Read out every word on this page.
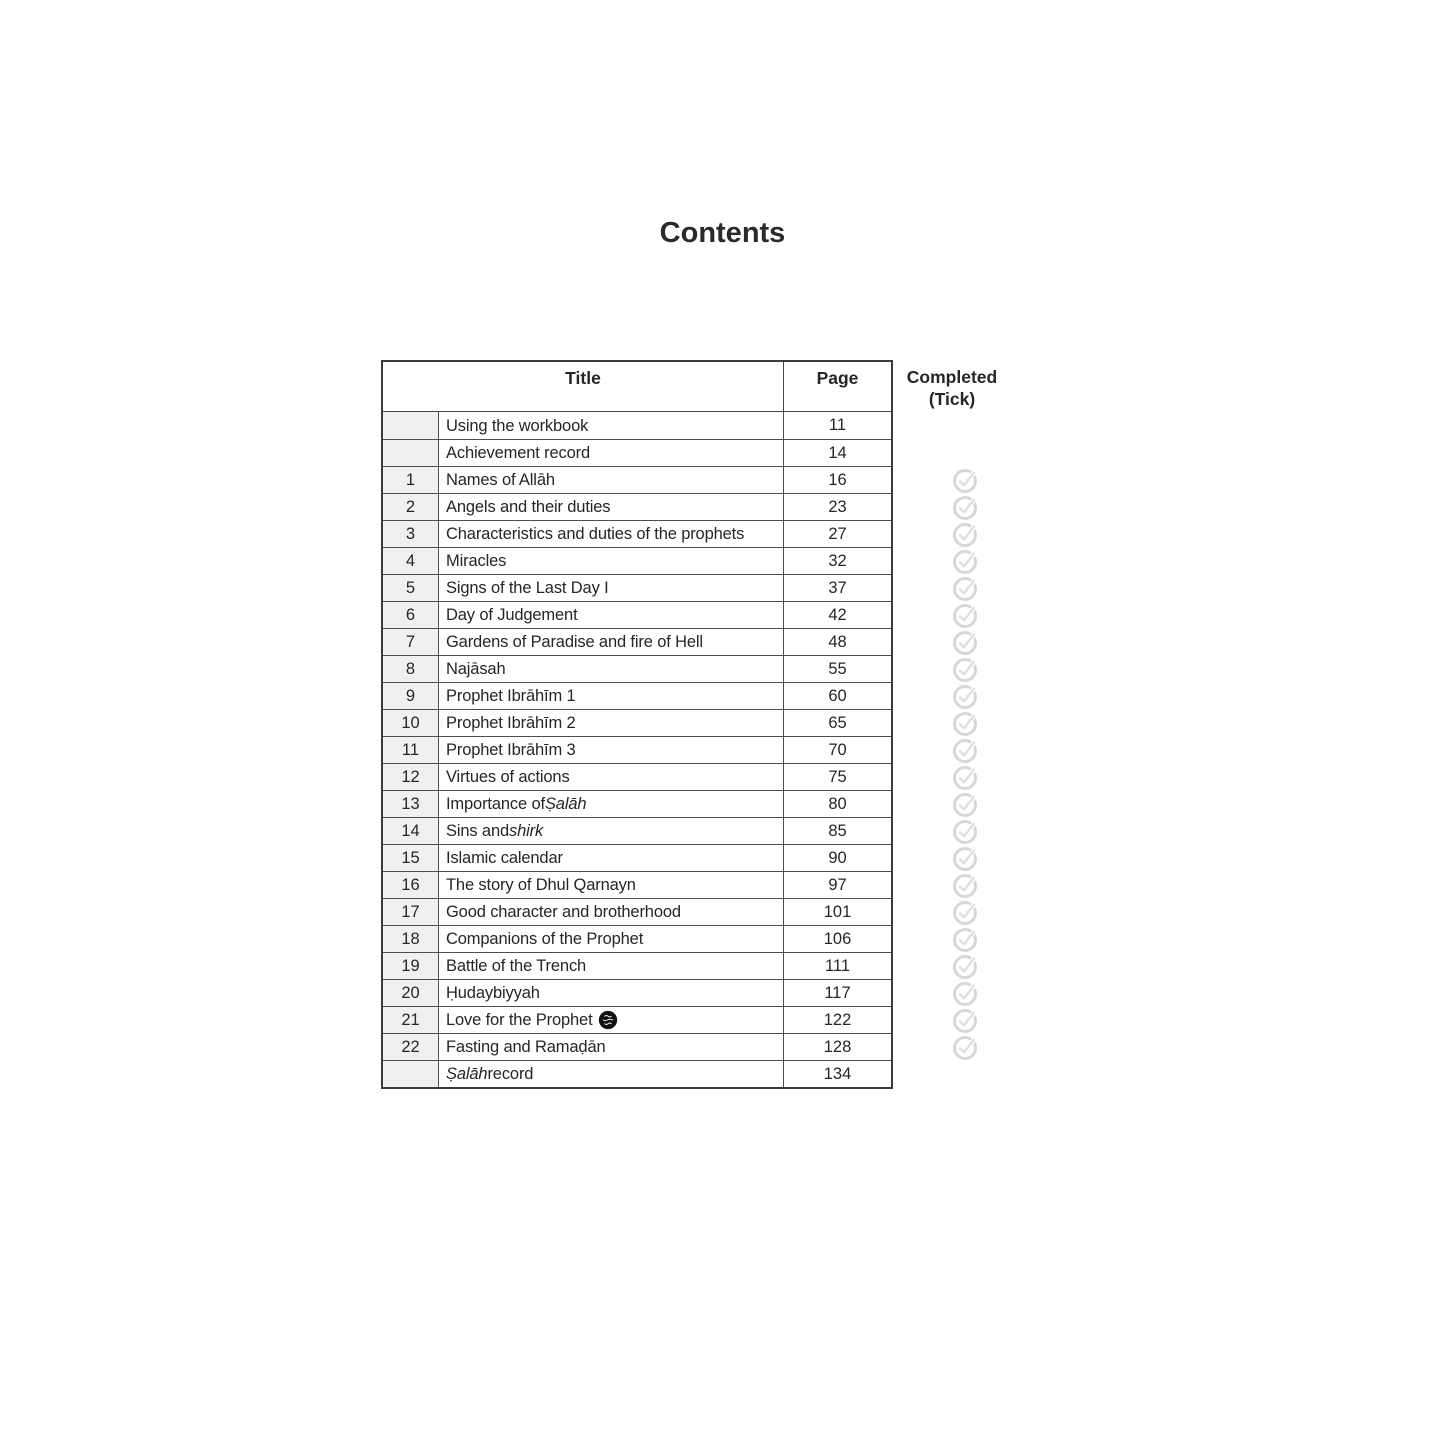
Contents
Title	Page
Using the workbook	11
Achievement record	14
1	Names of Allāh	16
2	Angels and their duties	23
3	Characteristics and duties of the prophets	27
4	Miracles	32
5	Signs of the Last Day I	37
6	Day of Judgement	42
7	Gardens of Paradise and fire of Hell	48
8	Najāsah	55
9	Prophet Ibrāhīm 1	60
10	Prophet Ibrāhīm 2	65
11	Prophet Ibrāhīm 3	70
12	Virtues of actions	75
13	Importance of Ṣalāh	80
14	Sins and shirk	85
15	Islamic calendar	90
16	The story of Dhul Qarnayn	97
17	Good character and brotherhood	101
18	Companions of the Prophet	106
19	Battle of the Trench	111
20	Ḥudaybiyyah	117
21	Love for the Prophet	122
22	Fasting and Ramaḍān	128
Ṣalāh record	134
Completed
(Tick)
